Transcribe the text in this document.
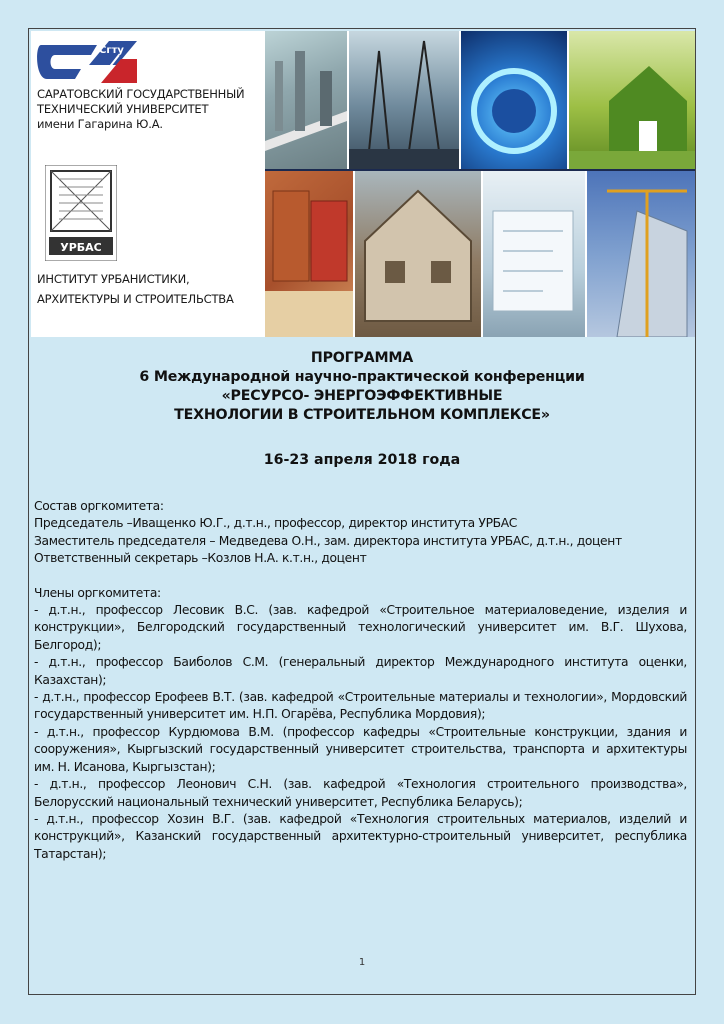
Сгту
САРАТОВСКИЙ ГОСУДАРСТВЕННЫЙ
ТЕХНИЧЕСКИЙ УНИВЕРСИТЕТ
имени Гагарина Ю.А.
УРБАС
ИНСТИТУТ УРБАНИСТИКИ,
АРХИТЕКТУРЫ И СТРОИТЕЛЬСТВА
ПРОГРАММА
6 Международной научно-практической конференции
«РЕСУРСО- ЭНЕРГОЭФФЕКТИВНЫЕ
ТЕХНОЛОГИИ В СТРОИТЕЛЬНОМ КОМПЛЕКСЕ»
16-23 апреля 2018 года

Состав оргкомитета:

Председатель –Иващенко Ю.Г., д.т.н., профессор, директор института УРБАС

Заместитель председателя – Медведева О.Н., зам. директора института УРБАС, д.т.н., доцент

Ответственный секретарь –Козлов Н.А. к.т.н., доцент

Члены оргкомитета:

- д.т.н., профессор Лесовик В.С. (зав. кафедрой «Строительное материаловедение, изделия и конструкции», Белгородский государственный технологический университет им. В.Г. Шухова, Белгород);

- д.т.н., профессор Баиболов С.М. (генеральный директор Международного института оценки, Казахстан);

- д.т.н., профессор Ерофеев В.Т. (зав. кафедрой «Строительные материалы и технологии», Мордовский государственный университет им. Н.П. Огарёва, Республика Мордовия);

- д.т.н., профессор Курдюмова В.М. (профессор кафедры «Строительные конструкции, здания и сооружения», Кыргызский государственный университет строительства, транспорта и архитектуры им. Н. Исанова, Кыргызстан);

- д.т.н., профессор Леонович С.Н. (зав. кафедрой «Технология строительного производства», Белорусский национальный технический университет, Республика Беларусь);

- д.т.н., профессор Хозин В.Г. (зав. кафедрой «Технология строительных материалов, изделий и конструкций», Казанский государственный архитектурно-строительный университет, республика Татарстан);

1
